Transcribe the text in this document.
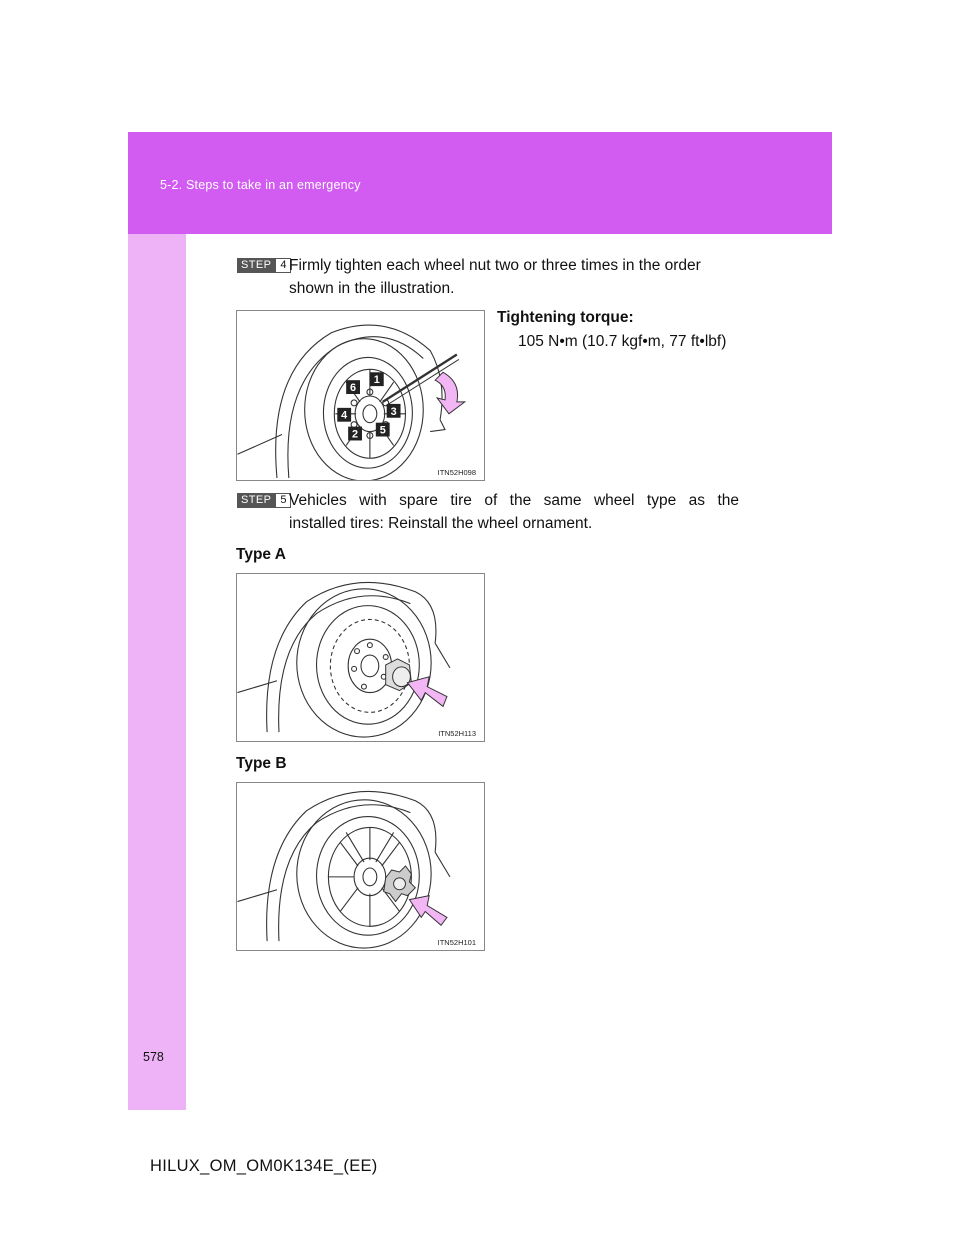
5-2. Steps to take in an emergency
STEP 4 Firmly tighten each wheel nut two or three times in the order
shown in the illustration.
Tightening torque:
105 N•m (10.7 kgf•m, 77 ft•lbf)
1
2
3
4
5
6
ITN52H098
STEP 5 Vehicles with spare tire of the same wheel type as the
installed tires: Reinstall the wheel ornament.
Type A
ITN52H113
Type B
ITN52H101
578
HILUX_OM_OM0K134E_(EE)
